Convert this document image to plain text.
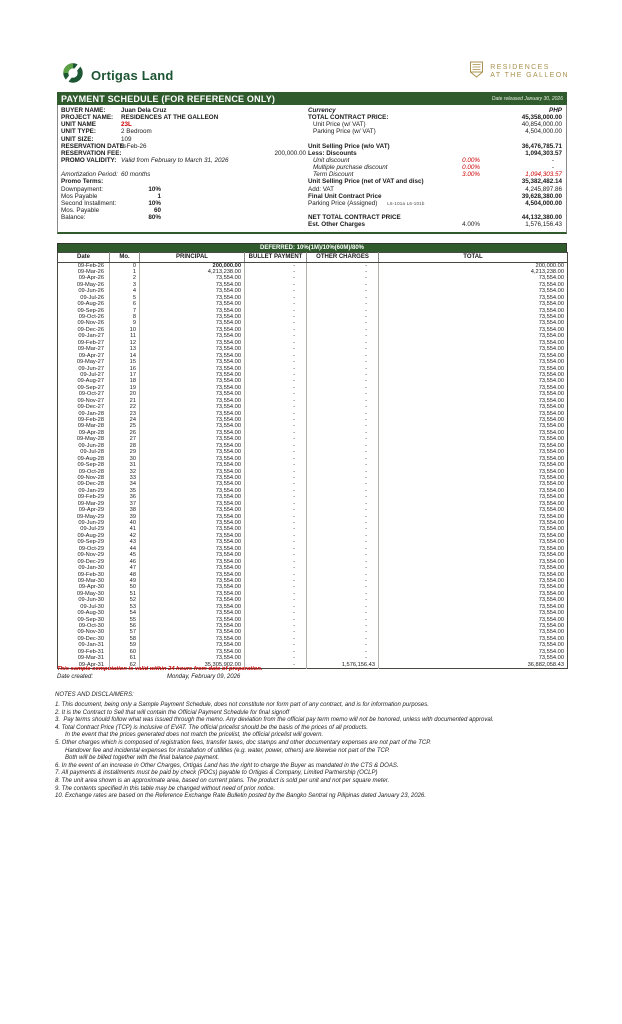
Ortigas Land
RESIDENCES
AT THE GALLEON
PAYMENT SCHEDULE (FOR REFERENCE ONLY)	Date released January 30, 2026
BUYER NAME:	Juan Dela Cruz
PROJECT NAME:	RESIDENCES AT THE GALLEON
UNIT NAME	23L
UNIT TYPE:	2 Bedroom
UNIT SIZE:	109
RESERVATION DATE:
9-Feb-26
RESERVATION FEE:	200,000.00
PROMO VALIDITY: Valid from February to March 31, 2026
Amortization Period: 60 months
Promo Terms:
Downpayment:	10%
Mos Payable	1
Second Installment:	10%
Mos. Payable	60
Balance:	80%
Currency	PHP
TOTAL CONTRACT PRICE:	45,358,000.00
Unit Price (w/ VAT)	40,854,000.00
Parking Price (w/ VAT)	4,504,000.00
Unit Selling Price (w/o VAT)	36,476,785.71
Less: Discounts	1,094,303.57
Unit discount	0.00%	-
Multiple purchase discount	0.00%	-
Term Discount	3.00%	1,094,303.57
Unit Selling Price (net of VAT and disc)	35,382,482.14
Add: VAT	4,245,897.86
Final Unit Contract Price	39,628,380.00
Parking Price (Assigned) L6-101a L6-101b	4,504,000.00
NET TOTAL CONTRACT PRICE	44,132,380.00
Est. Other Charges	4.00%	1,576,156.43
DEFERRED: 10%(1M)/10%(60M)/80%
Date	Mo.	PRINCIPAL	BULLET PAYMENT	OTHER CHARGES	TOTAL
09-Feb-26	0	200,000.00	-	-	200,000.00
09-Mar-26	1	4,213,238.00	-	-	4,213,238.00
09-Apr-26	2	73,554.00	-	-	73,554.00
09-May-26	3	73,554.00	-	-	73,554.00
09-Jun-26	4	73,554.00	-	-	73,554.00
09-Jul-26	5	73,554.00	-	-	73,554.00
09-Aug-26	6	73,554.00	-	-	73,554.00
09-Sep-26	7	73,554.00	-	-	73,554.00
09-Oct-26	8	73,554.00	-	-	73,554.00
09-Nov-26	9	73,554.00	-	-	73,554.00
09-Dec-26	10	73,554.00	-	-	73,554.00
09-Jan-27	11	73,554.00	-	-	73,554.00
09-Feb-27	12	73,554.00	-	-	73,554.00
09-Mar-27	13	73,554.00	-	-	73,554.00
09-Apr-27	14	73,554.00	-	-	73,554.00
09-May-27	15	73,554.00	-	-	73,554.00
09-Jun-27	16	73,554.00	-	-	73,554.00
09-Jul-27	17	73,554.00	-	-	73,554.00
09-Aug-27	18	73,554.00	-	-	73,554.00
09-Sep-27	19	73,554.00	-	-	73,554.00
09-Oct-27	20	73,554.00	-	-	73,554.00
09-Nov-27	21	73,554.00	-	-	73,554.00
09-Dec-27	22	73,554.00	-	-	73,554.00
09-Jan-28	23	73,554.00	-	-	73,554.00
09-Feb-28	24	73,554.00	-	-	73,554.00
09-Mar-28	25	73,554.00	-	-	73,554.00
09-Apr-28	26	73,554.00	-	-	73,554.00
09-May-28	27	73,554.00	-	-	73,554.00
09-Jun-28	28	73,554.00	-	-	73,554.00
09-Jul-28	29	73,554.00	-	-	73,554.00
09-Aug-28	30	73,554.00	-	-	73,554.00
09-Sep-28	31	73,554.00	-	-	73,554.00
09-Oct-28	32	73,554.00	-	-	73,554.00
09-Nov-28	33	73,554.00	-	-	73,554.00
09-Dec-28	34	73,554.00	-	-	73,554.00
09-Jan-29	35	73,554.00	-	-	73,554.00
09-Feb-29	36	73,554.00	-	-	73,554.00
09-Mar-29	37	73,554.00	-	-	73,554.00
09-Apr-29	38	73,554.00	-	-	73,554.00
09-May-29	39	73,554.00	-	-	73,554.00
09-Jun-29	40	73,554.00	-	-	73,554.00
09-Jul-29	41	73,554.00	-	-	73,554.00
09-Aug-29	42	73,554.00	-	-	73,554.00
09-Sep-29	43	73,554.00	-	-	73,554.00
09-Oct-29	44	73,554.00	-	-	73,554.00
09-Nov-29	45	73,554.00	-	-	73,554.00
09-Dec-29	46	73,554.00	-	-	73,554.00
09-Jan-30	47	73,554.00	-	-	73,554.00
09-Feb-30	48	73,554.00	-	-	73,554.00
09-Mar-30	49	73,554.00	-	-	73,554.00
09-Apr-30	50	73,554.00	-	-	73,554.00
09-May-30	51	73,554.00	-	-	73,554.00
09-Jun-30	52	73,554.00	-	-	73,554.00
09-Jul-30	53	73,554.00	-	-	73,554.00
09-Aug-30	54	73,554.00	-	-	73,554.00
09-Sep-30	55	73,554.00	-	-	73,554.00
09-Oct-30	56	73,554.00	-	-	73,554.00
09-Nov-30	57	73,554.00	-	-	73,554.00
09-Dec-30	58	73,554.00	-	-	73,554.00
09-Jan-31	59	73,554.00	-	-	73,554.00
09-Feb-31	60	73,554.00	-	-	73,554.00
09-Mar-31	61	73,554.00	-	-	73,554.00
09-Apr-31	62	35,305,902.00	-	1,576,156.43	36,882,058.43
This sample computation is valid within 24 hours from date of preparation.
Date created:	Monday, February 09, 2026
NOTES AND DISCLAIMERS:
1. This document, being only a Sample Payment Schedule, does not constitute nor form part of any contract, and is for information purposes.
2. It is the Contract to Sell that will contain the Official Payment Schedule for final signoff
3.  Pay terms should follow what was issued through the memo. Any deviation from the official pay term memo will not be honored, unless with documented approval.
4. Total Contract Price (TCP) is inclusive of EVAT. The official pricelist should be the basis of the prices of all products.
In the event that the prices generated does not match the pricelist, the official pricelist will govern.
5. Other charges which is composed of registration fees, transfer taxes, doc stamps and other documentary expenses are not part of the TCP.
Handover fee and incidental expenses for installation of utilities (e.g. water, power, others) are likewise not part of the TCP.
Both will be billed together with the final balance payment.
6. In the event of an increase in Other Charges, Ortigas Land has the right to charge the Buyer as mandated in the CTS & DOAS.
7. All payments & installments must be paid by check (PDCs) payable to Ortigas & Company, Limited Partnership (OCLP)
8. The unit area shown is an approximate area, based on current plans. The product is sold per unit and not per square meter.
9. The contents specified in this table may be changed without need of prior notice.
10. Exchange rates are based on the Reference Exchange Rate Bulletin posted by the Bangko Sentral ng Pilipinas dated January 23, 2026.
